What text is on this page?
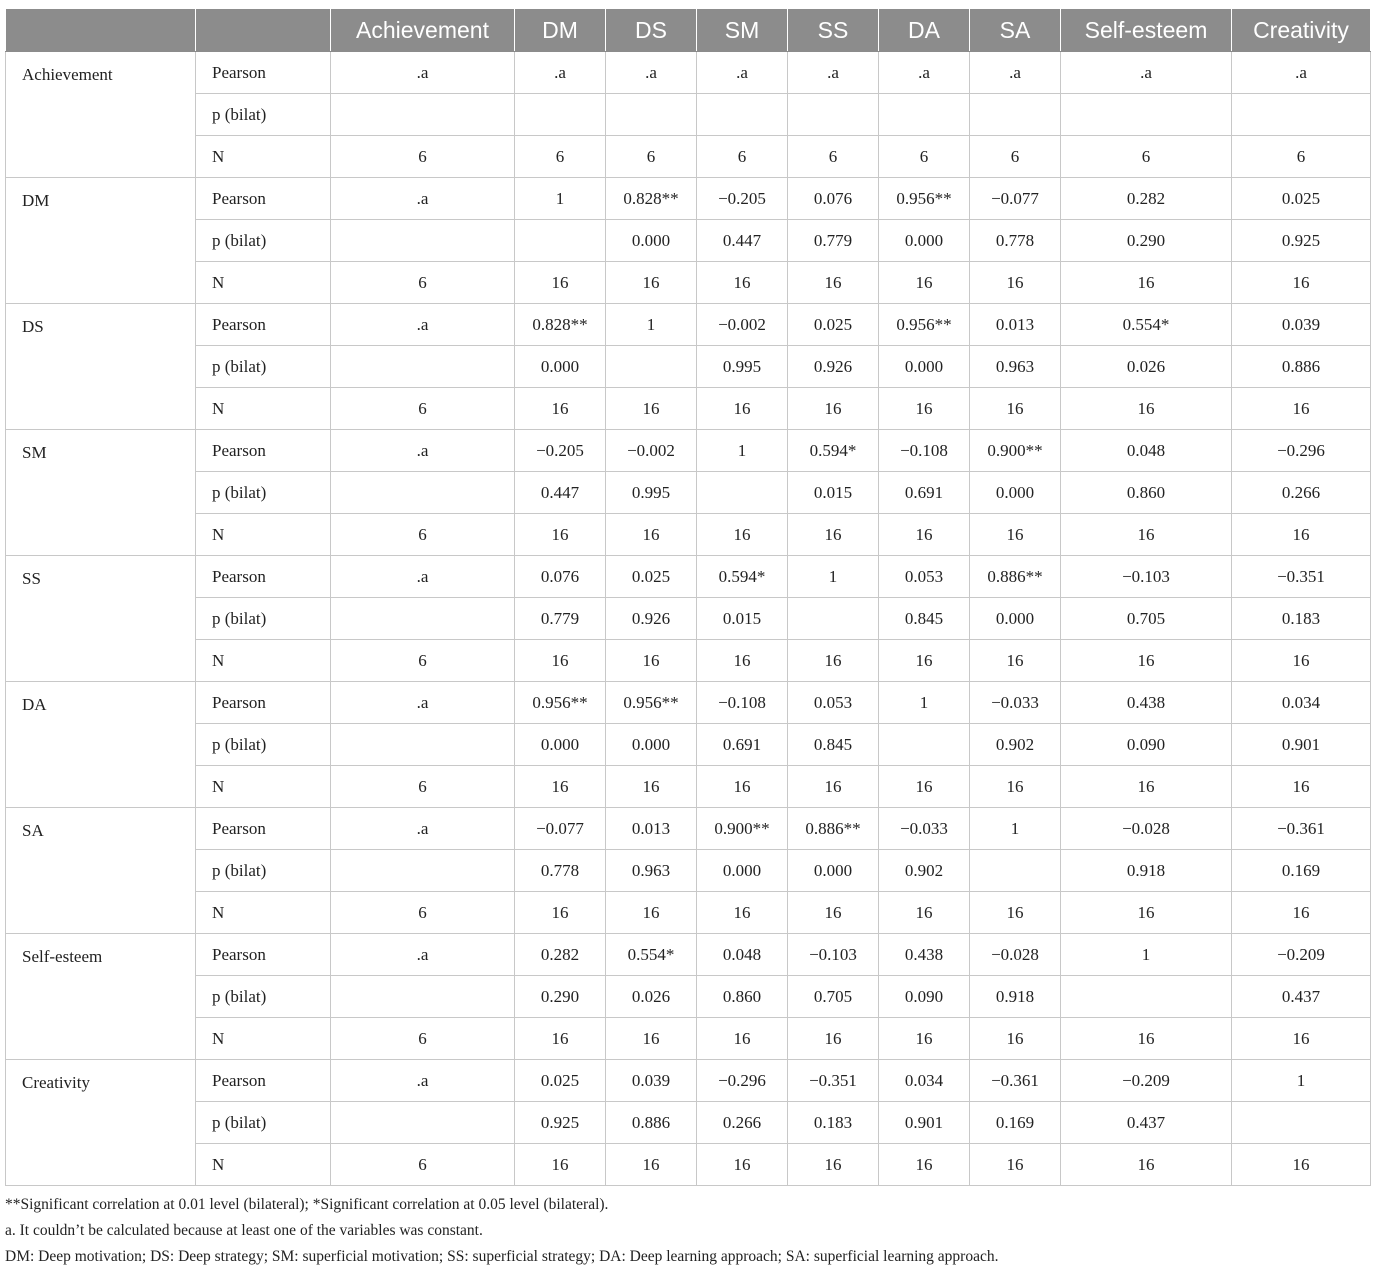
		Achievement	DM	DS	SM	SS	DA	SA	Self-esteem	Creativity
Achievement	Pearson	.a	.a	.a	.a	.a	.a	.a	.a	.a
	p (bilat)									
	N	6	6	6	6	6	6	6	6	6
DM	Pearson	.a	1	0.828**	−0.205	0.076	0.956**	−0.077	0.282	0.025
	p (bilat)			0.000	0.447	0.779	0.000	0.778	0.290	0.925
	N	6	16	16	16	16	16	16	16	16
DS	Pearson	.a	0.828**	1	−0.002	0.025	0.956**	0.013	0.554*	0.039
	p (bilat)		0.000		0.995	0.926	0.000	0.963	0.026	0.886
	N	6	16	16	16	16	16	16	16	16
SM	Pearson	.a	−0.205	−0.002	1	0.594*	−0.108	0.900**	0.048	−0.296
	p (bilat)		0.447	0.995		0.015	0.691	0.000	0.860	0.266
	N	6	16	16	16	16	16	16	16	16
SS	Pearson	.a	0.076	0.025	0.594*	1	0.053	0.886**	−0.103	−0.351
	p (bilat)		0.779	0.926	0.015		0.845	0.000	0.705	0.183
	N	6	16	16	16	16	16	16	16	16
DA	Pearson	.a	0.956**	0.956**	−0.108	0.053	1	−0.033	0.438	0.034
	p (bilat)		0.000	0.000	0.691	0.845		0.902	0.090	0.901
	N	6	16	16	16	16	16	16	16	16
SA	Pearson	.a	−0.077	0.013	0.900**	0.886**	−0.033	1	−0.028	−0.361
	p (bilat)		0.778	0.963	0.000	0.000	0.902		0.918	0.169
	N	6	16	16	16	16	16	16	16	16
Self-esteem	Pearson	.a	0.282	0.554*	0.048	−0.103	0.438	−0.028	1	−0.209
	p (bilat)		0.290	0.026	0.860	0.705	0.090	0.918		0.437
	N	6	16	16	16	16	16	16	16	16
Creativity	Pearson	.a	0.025	0.039	−0.296	−0.351	0.034	−0.361	−0.209	1
	p (bilat)		0.925	0.886	0.266	0.183	0.901	0.169	0.437	
	N	6	16	16	16	16	16	16	16	16
**Significant correlation at 0.01 level (bilateral); *Significant correlation at 0.05 level (bilateral).
a. It couldn’t be calculated because at least one of the variables was constant.
DM: Deep motivation; DS: Deep strategy; SM: superficial motivation; SS: superficial strategy; DA: Deep learning approach; SA: superficial learning approach.
